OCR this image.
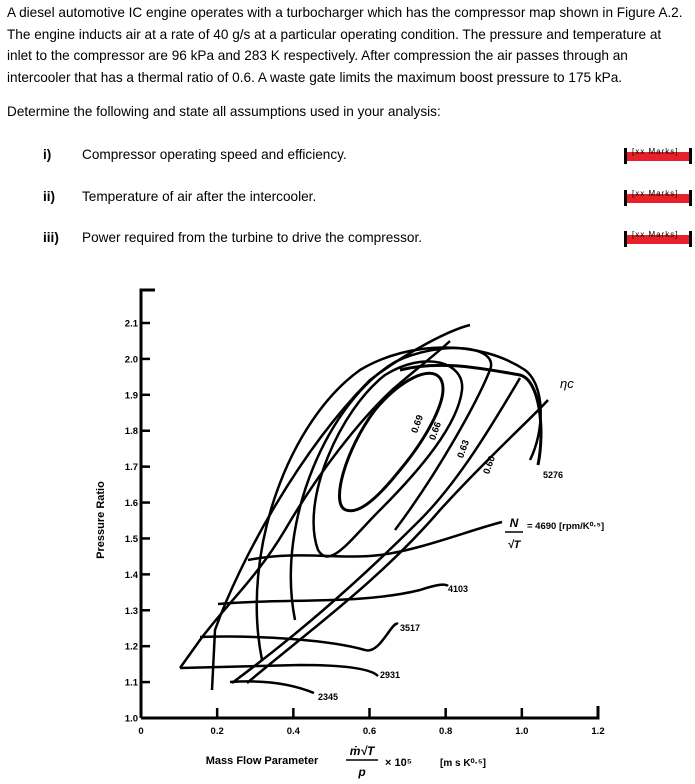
A diesel automotive IC engine operates with a turbocharger which has the compressor map shown in Figure A.2.
The engine inducts air at a rate of 40 g/s at a particular operating condition. The pressure and temperature at
inlet to the compressor are 96 kPa and 283 K respectively. After compression the air passes through an
intercooler that has a thermal ratio of 0.6. A waste gate limits the maximum boost pressure to 175 kPa.
Determine the following and state all assumptions used in your analysis:
i) Compressor operating speed and efficiency.
ii) Temperature of air after the intercooler.
iii) Power required from the turbine to drive the compressor.
[xx Marks]
[xx Marks]
[xx Marks]
1.0
1.1
1.2
1.3
1.4
1.5
1.6
1.7
1.8
1.9
2.0
2.1
0	0.2	0.4	0.6	0.8	1.0	1.2
Pressure Ratio
Mass Flow Parameter
ṁ√T
p
× 10⁵	[m s K⁰·⁵]
ηc
0.69 0.66
0.63
0.60
2345
2931
3517
4103
5276
N
√T
= 4690 [rpm/K⁰·⁵]
